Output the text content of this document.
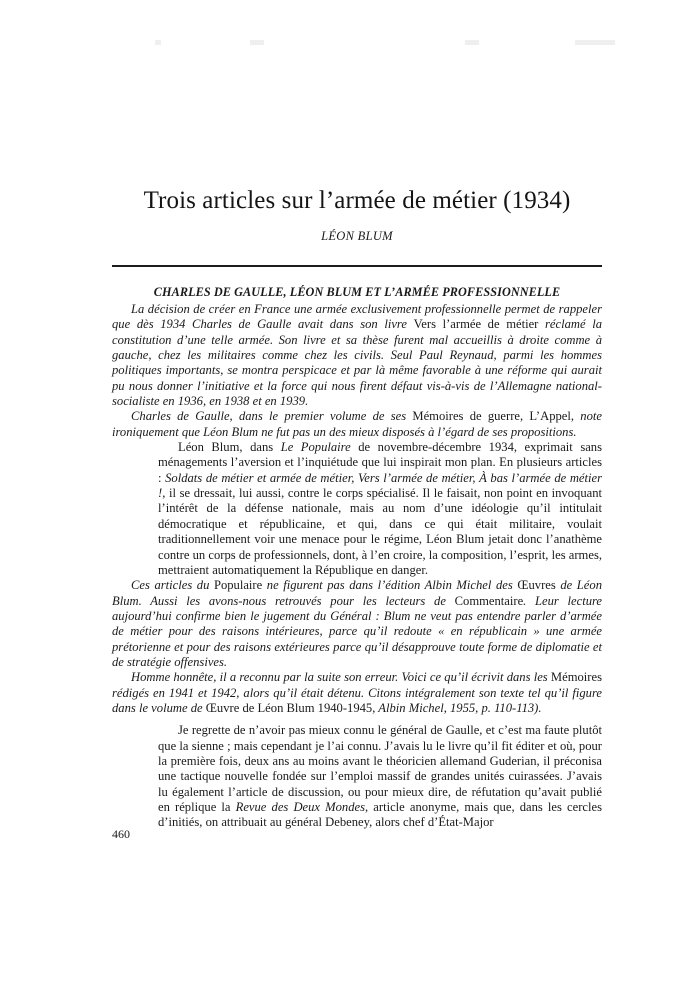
Trois articles sur l’armée de métier (1934)
LÉON BLUM
CHARLES DE GAULLE, LÉON BLUM ET L’ARMÉE PROFESSIONNELLE

La décision de créer en France une armée exclusivement professionnelle permet de rappeler que dès 1934 Charles de Gaulle avait dans son livre Vers l’armée de métier réclamé la constitution d’une telle armée. Son livre et sa thèse furent mal accueillis à droite comme à gauche, chez les militaires comme chez les civils. Seul Paul Reynaud, parmi les hommes politiques importants, se montra perspicace et par là même favorable à une réforme qui aurait pu nous donner l’initiative et la force qui nous firent défaut vis-à-vis de l’Allemagne national-socialiste en 1936, en 1938 et en 1939.

Charles de Gaulle, dans le premier volume de ses Mémoires de guerre, L’Appel, note ironiquement que Léon Blum ne fut pas un des mieux disposés à l’égard de ses propositions.

Léon Blum, dans Le Populaire de novembre-décembre 1934, exprimait sans ménagements l’aversion et l’inquiétude que lui inspirait mon plan. En plusieurs articles : Soldats de métier et armée de métier, Vers l’armée de métier, À bas l’armée de métier !, il se dressait, lui aussi, contre le corps spécialisé. Il le faisait, non point en invoquant l’intérêt de la défense nationale, mais au nom d’une idéologie qu’il intitulait démocratique et républicaine, et qui, dans ce qui était militaire, voulait traditionnellement voir une menace pour le régime, Léon Blum jetait donc l’anathème contre un corps de professionnels, dont, à l’en croire, la composition, l’esprit, les armes, mettraient automatiquement la République en danger.

Ces articles du Populaire ne figurent pas dans l’édition Albin Michel des Œuvres de Léon Blum. Aussi les avons-nous retrouvés pour les lecteurs de Commentaire. Leur lecture aujourd’hui confirme bien le jugement du Général : Blum ne veut pas entendre parler d’armée de métier pour des raisons intérieures, parce qu’il redoute « en républicain » une armée prétorienne et pour des raisons extérieures parce qu’il désapprouve toute forme de diplomatie et de stratégie offensives.

Homme honnête, il a reconnu par la suite son erreur. Voici ce qu’il écrivit dans les Mémoires rédigés en 1941 et 1942, alors qu’il était détenu. Citons intégralement son texte tel qu’il figure dans le volume de Œuvre de Léon Blum 1940-1945, Albin Michel, 1955, p. 110-113).

Je regrette de n’avoir pas mieux connu le général de Gaulle, et c’est ma faute plutôt que la sienne ; mais cependant je l’ai connu. J’avais lu le livre qu’il fit éditer et où, pour la première fois, deux ans au moins avant le théoricien allemand Guderian, il préconisa une tactique nouvelle fondée sur l’emploi massif de grandes unités cuirassées. J’avais lu également l’article de discussion, ou pour mieux dire, de réfutation qu’avait publié en réplique la Revue des Deux Mondes, article anonyme, mais que, dans les cercles d’initiés, on attribuait au général Debeney, alors chef d’État-Major

460
